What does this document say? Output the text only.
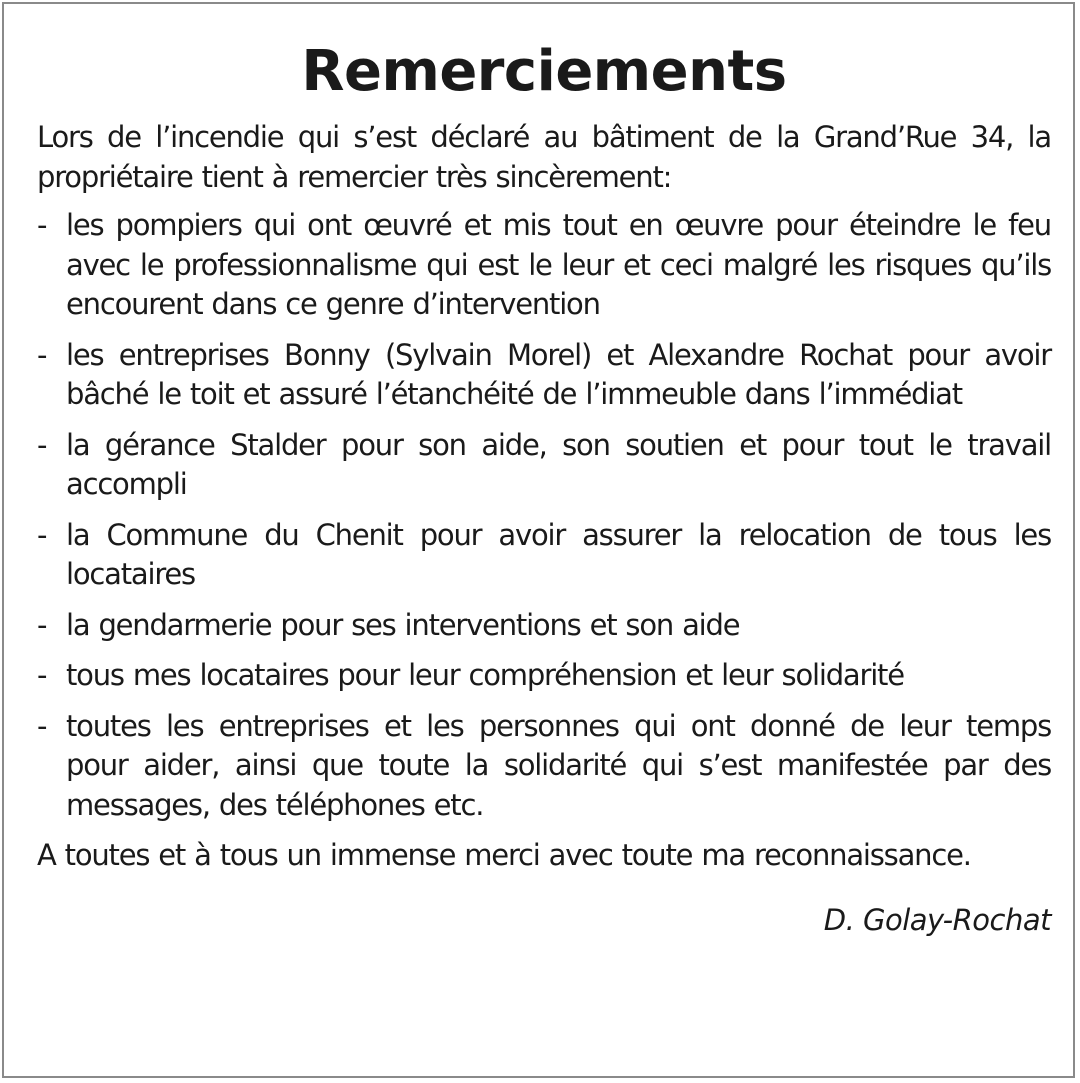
Remerciements

Lors de l’incendie qui s’est déclaré au bâtiment de la Grand’Rue 34, la propriétaire tient à remercier très sincèrement:

- les pompiers qui ont œuvré et mis tout en œuvre pour éteindre le feu avec le professionnalisme qui est le leur et ceci malgré les risques qu’ils encourent dans ce genre d’intervention
- les entreprises Bonny (Sylvain Morel) et Alexandre Rochat pour avoir bâché le toit et assuré l’étanchéité de l’immeuble dans l’immédiat
- la gérance Stalder pour son aide, son soutien et pour tout le travail accompli
- la Commune du Chenit pour avoir assurer la relocation de tous les locataires
- la gendarmerie pour ses interventions et son aide
- tous mes locataires pour leur compréhension et leur solidarité
- toutes les entreprises et les personnes qui ont donné de leur temps pour aider, ainsi que toute la solidarité qui s’est manifestée par des messages, des téléphones etc.

A toutes et à tous un immense merci avec toute ma reconnaissance.

D. Golay-Rochat
